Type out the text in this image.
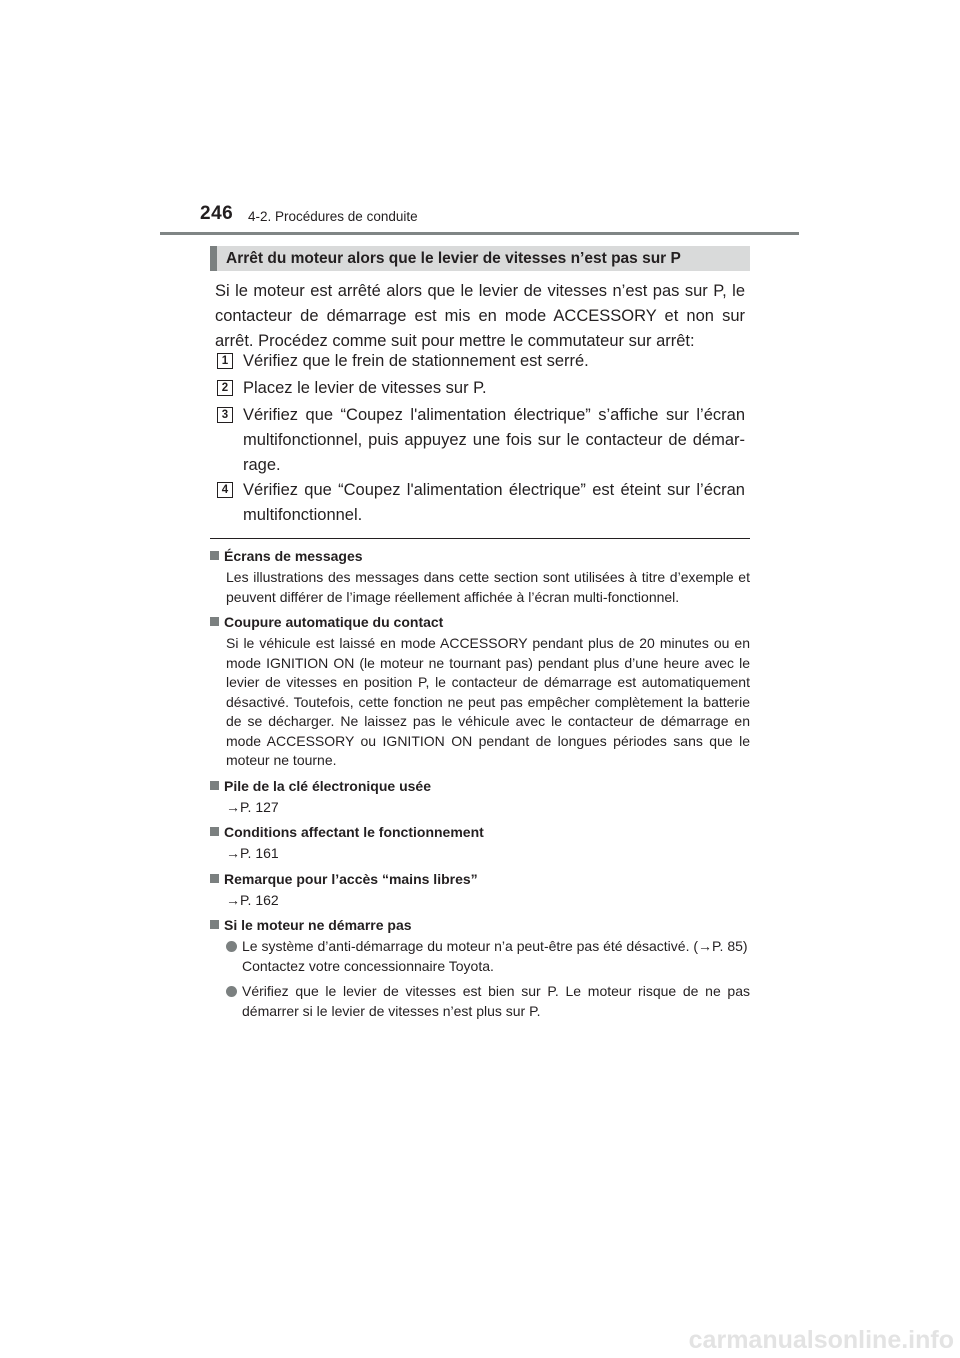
246 4-2. Procédures de conduite
Arrêt du moteur alors que le levier de vitesses n’est pas sur P

Si le moteur est arrêté alors que le levier de vitesses n’est pas sur P, le contacteur de démarrage est mis en mode ACCESSORY et non sur arrêt. Procédez comme suit pour mettre le commutateur sur arrêt:

1 Vérifiez que le frein de stationnement est serré.
2 Placez le levier de vitesses sur P.
3 Vérifiez que “Coupez l'alimentation électrique” s’affiche sur l’écran multifonctionnel, puis appuyez une fois sur le contacteur de démar-rage.
4 Vérifiez que “Coupez l'alimentation électrique” est éteint sur l’écran multifonctionnel.

Écrans de messages

Les illustrations des messages dans cette section sont utilisées à titre d’exemple et peuvent différer de l’image réellement affichée à l’écran multi-fonctionnel.

Coupure automatique du contact

Si le véhicule est laissé en mode ACCESSORY pendant plus de 20 minutes ou en mode IGNITION ON (le moteur ne tournant pas) pendant plus d’une heure avec le levier de vitesses en position P, le contacteur de démarrage est automatiquement désactivé. Toutefois, cette fonction ne peut pas empêcher complètement la batterie de se décharger. Ne laissez pas le véhicule avec le contacteur de démarrage en mode ACCESSORY ou IGNITION ON pendant de longues périodes sans que le moteur ne tourne.

Pile de la clé électronique usée

→P. 127

Conditions affectant le fonctionnement

→P. 161

Remarque pour l’accès “mains libres”

→P. 162

Si le moteur ne démarre pas

Le système d’anti-démarrage du moteur n’a peut-être pas été désactivé. (→P. 85)

Contactez votre concessionnaire Toyota.

Vérifiez que le levier de vitesses est bien sur P. Le moteur risque de ne pas démarrer si le levier de vitesses n’est plus sur P.

carmanualsonline.info
